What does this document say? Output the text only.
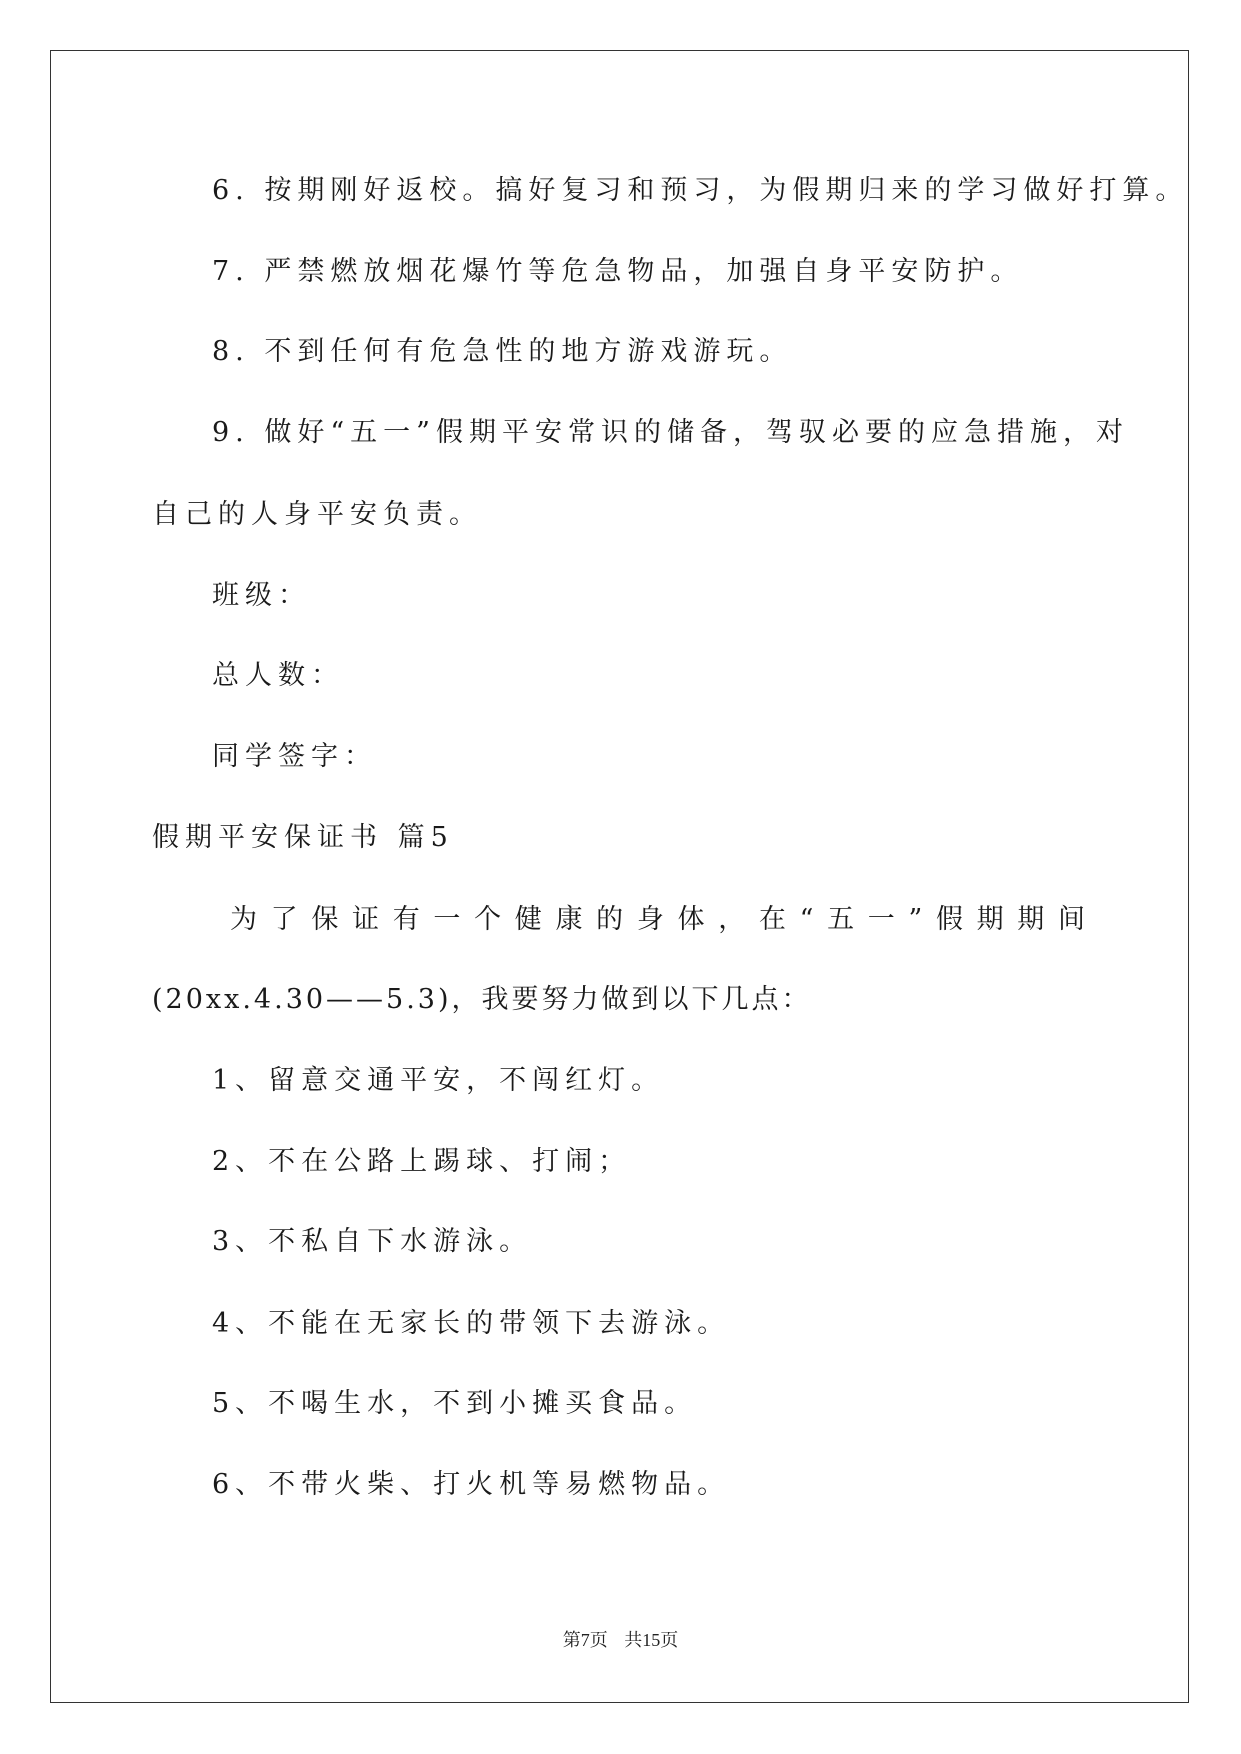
6. 按期刚好返校。搞好复习和预习，为假期归来的学习做好打算。
7. 严禁燃放烟花爆竹等危急物品，加强自身平安防护。
8. 不到任何有危急性的地方游戏游玩。
9. 做好“五一”假期平安常识的储备，驾驭必要的应急措施，对
自己的人身平安负责。
班级：
总人数：
同学签字：
假期平安保证书 篇5
为了保证有一个健康的身体，在“五一”假期期间
(20xx.4.30——5.3)，我要努力做到以下几点：
1、留意交通平安，不闯红灯。
2、不在公路上踢球、打闹；
3、不私自下水游泳。
4、不能在无家长的带领下去游泳。
5、不喝生水，不到小摊买食品。
6、不带火柴、打火机等易燃物品。
第7页 共15页
